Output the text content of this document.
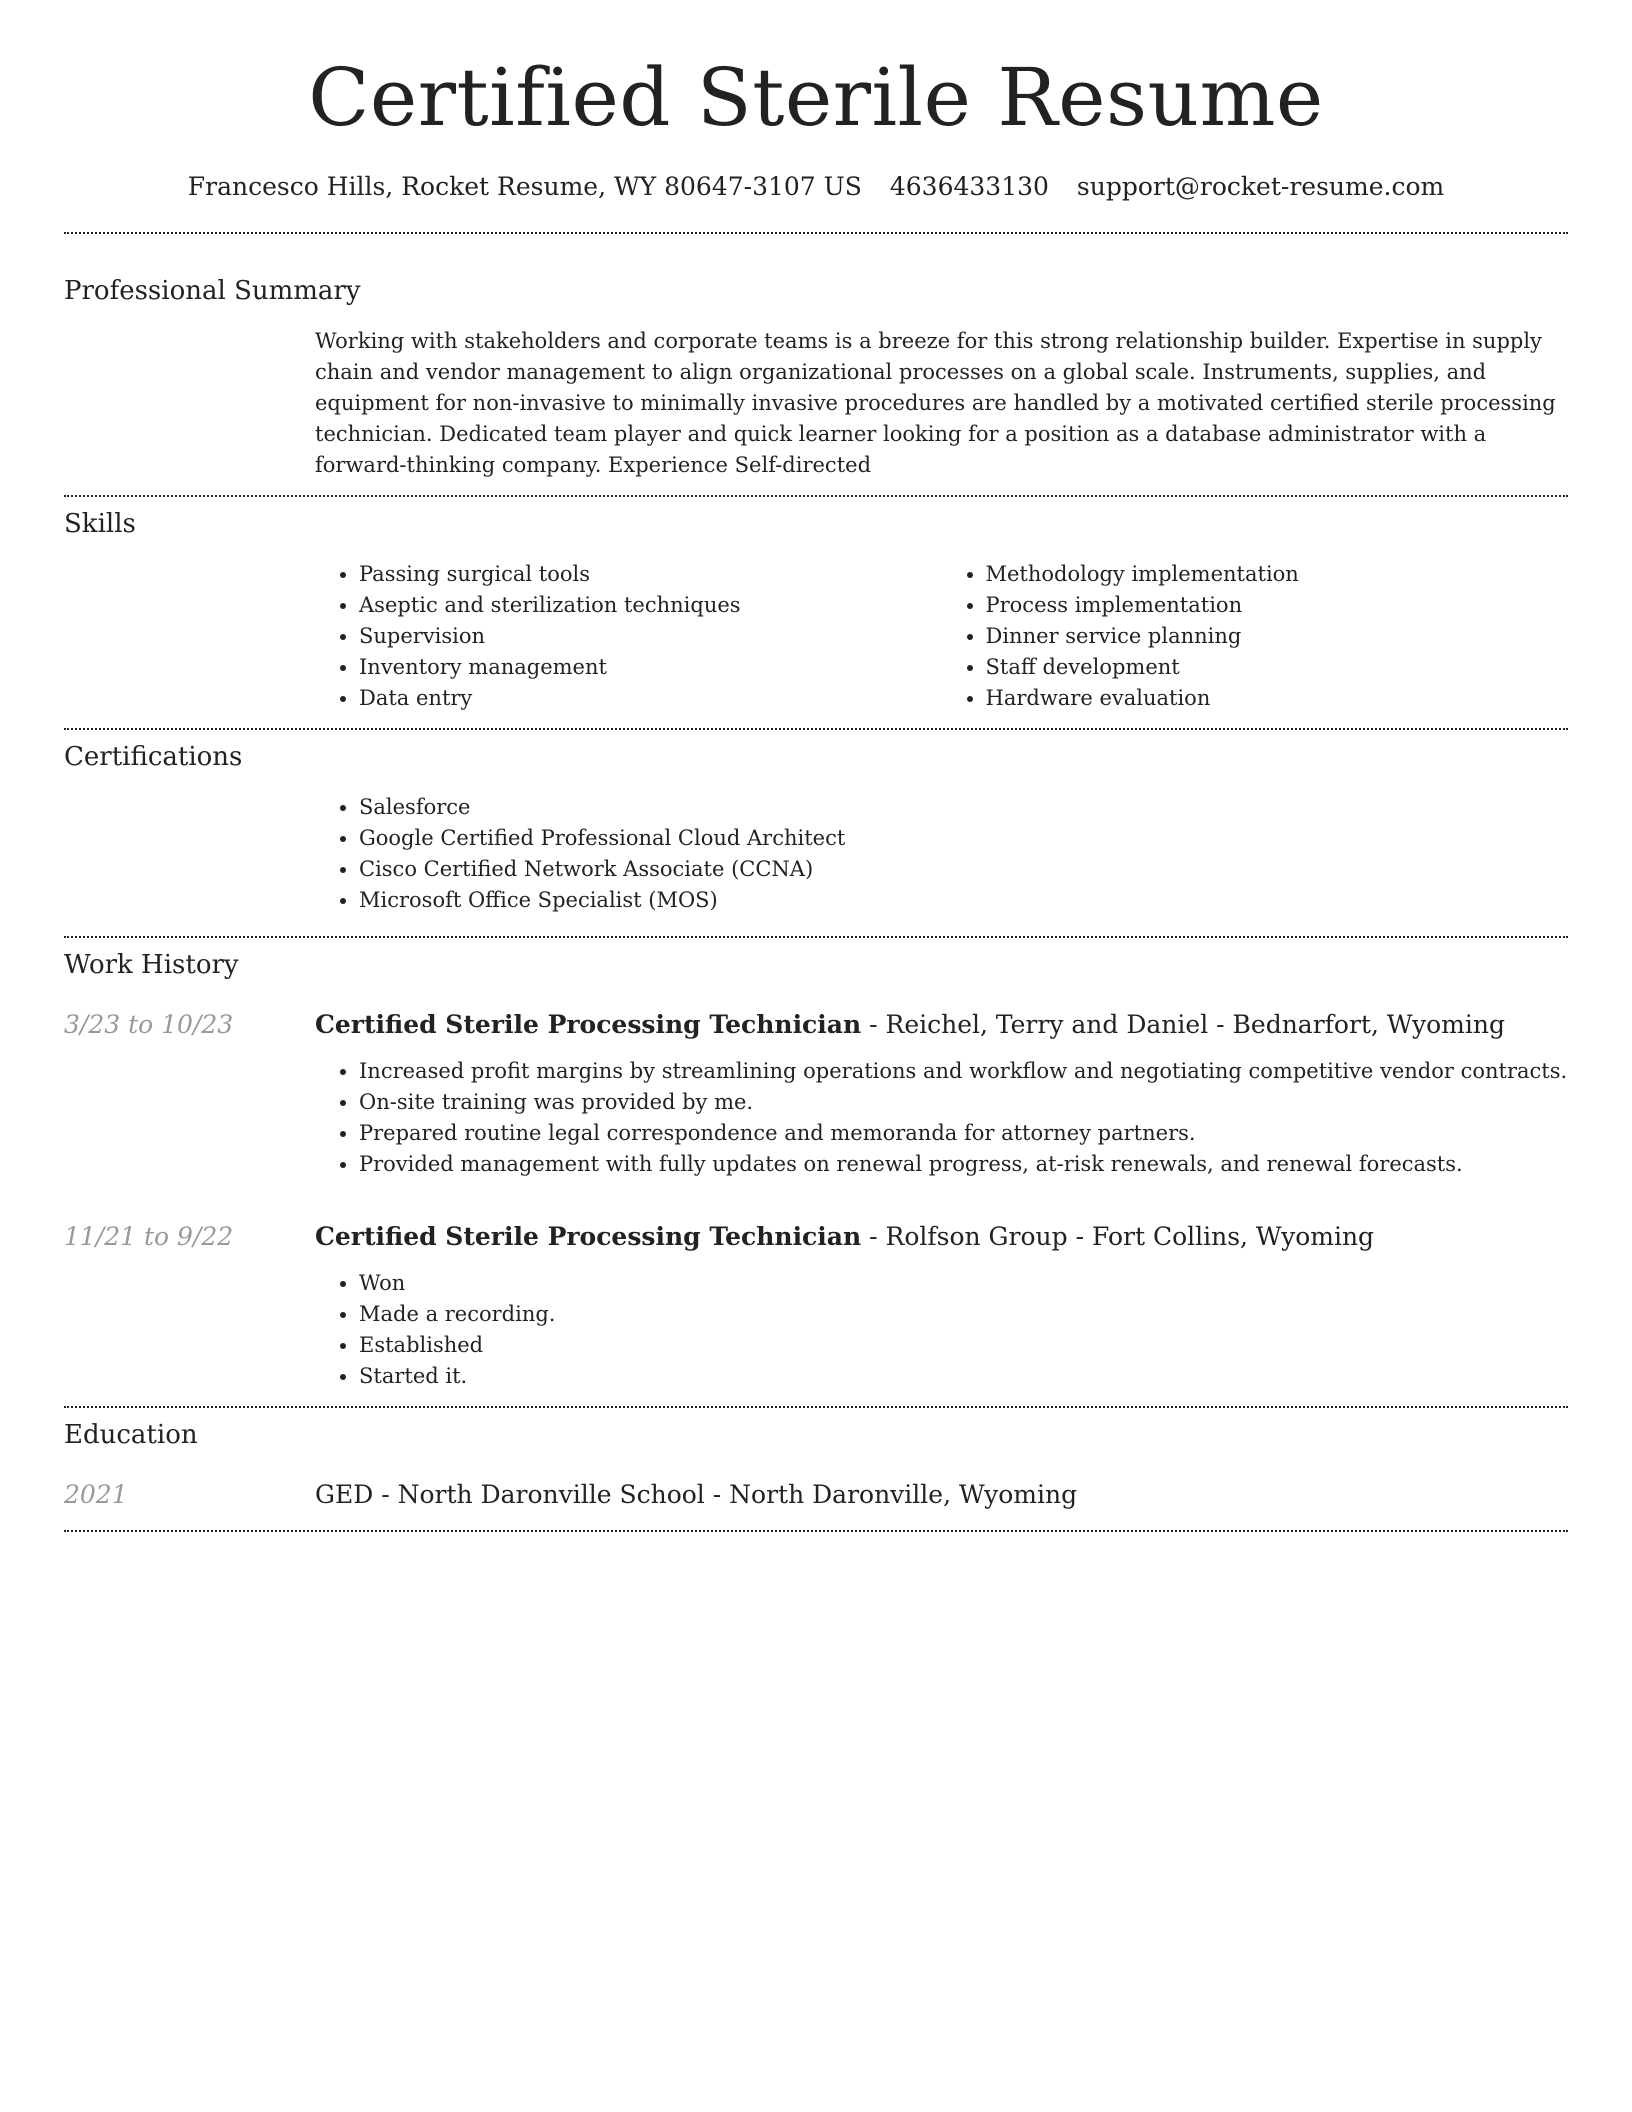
Certified Sterile Resume
Francesco Hills, Rocket Resume, WY 80647-3107 US 4636433130 support@rocket-resume.com
Professional Summary

Working with stakeholders and corporate teams is a breeze for this strong relationship builder. Expertise in supply chain and vendor management to align organizational processes on a global scale. Instruments, supplies, and equipment for non-invasive to minimally invasive procedures are handled by a motivated certified sterile processing technician. Dedicated team player and quick learner looking for a position as a database administrator with a forward-thinking company. Experience Self-directed

Skills
• Passing surgical tools
• Aseptic and sterilization techniques
• Supervision
• Inventory management
• Data entry
• Methodology implementation
• Process implementation
• Dinner service planning
• Staff development
• Hardware evaluation
Certifications
• Salesforce
• Google Certified Professional Cloud Architect
• Cisco Certified Network Associate (CCNA)
• Microsoft Office Specialist (MOS)
Work History
3/23 to 10/23	Certified Sterile Processing Technician - Reichel, Terry and Daniel - Bednarfort, Wyoming
• Increased profit margins by streamlining operations and workflow and negotiating competitive vendor contracts.
• On-site training was provided by me.
• Prepared routine legal correspondence and memoranda for attorney partners.
• Provided management with fully updates on renewal progress, at-risk renewals, and renewal forecasts.
11/21 to 9/22	Certified Sterile Processing Technician - Rolfson Group - Fort Collins, Wyoming
• Won
• Made a recording.
• Established
• Started it.
Education
2021	GED - North Daronville School - North Daronville, Wyoming
